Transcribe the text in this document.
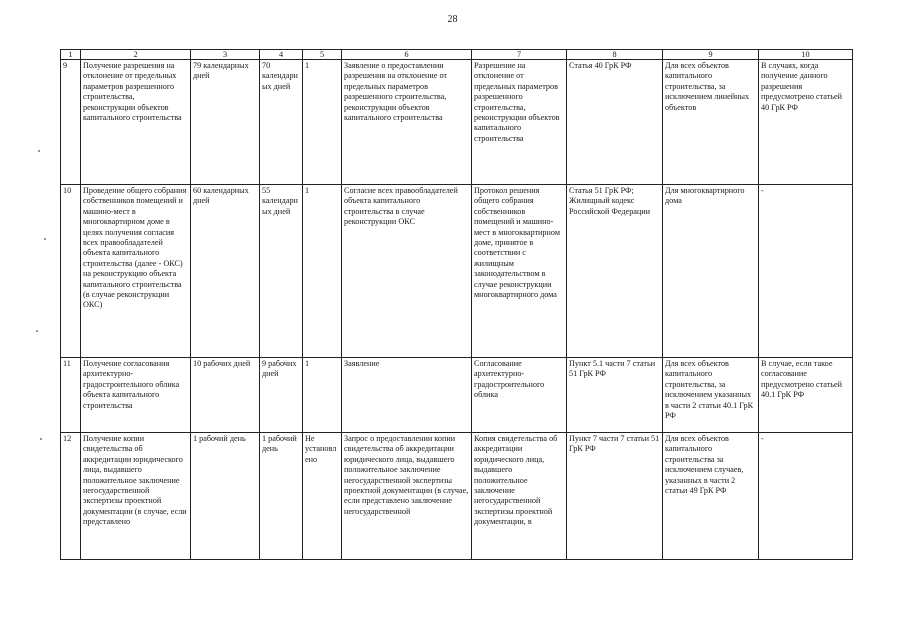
28
1	2	3	4	5	6	7	8	9	10
9	Получение разрешения на отклонение от предельных параметров разрешенного строительства, реконструкции объектов капитального строительства	79 календарных дней	70 календарных дней	1	Заявление о предоставлении разрешения на отклонение от предельных параметров разрешенного строительства, реконструкции объектов капитального строительства	Разрешение на отклонение от предельных параметров разрешенного строительства, реконструкции объектов капитального строительства	Статья 40 ГрК РФ	Для всех объектов капитального строительства, за исключением линейных объектов	В случаях, когда получение данного разрешения предусмотрено статьей 40 ГрК РФ
10	Проведение общего собрания собственников помещений и машино-мест в многоквартирном доме в целях получения согласия всех правообладателей объекта капитального строительства (далее - ОКС) на реконструкцию объекта капитального строительства (в случае реконструкции ОКС)	60 календарных дней	55 календарных дней	1	Согласие всех правообладателей объекта капитального строительства в случае реконструкции ОКС	Протокол решения общего собрания собственников помещений и машино-мест в многоквартирном доме, принятое в соответствии с жилищным законодательством в случае реконструкции многоквартирного дома	Статья 51 ГрК РФ; Жилищный кодекс Российской Федерации	Для многоквартирного дома	-
11	Получение согласования архитектурно-градостроительного облика объекта капитального строительства	10 рабочих дней	9 рабочих дней	1	Заявление	Согласование архитектурно-градостроительного облика	Пункт 5.1 части 7 статьи 51 ГрК РФ	Для всех объектов капитального строительства, за исключением указанных в части 2 статьи 40.1 ГрК РФ	В случае, если такое согласование предусмотрено статьей 40.1 ГрК РФ
12	Получение копии свидетельства об аккредитации юридического лица, выдавшего положительное заключение негосударственной экспертизы проектной документации (в случае, если представлено	1 рабочий день	1 рабочий день	Не установлено	Запрос о предоставлении копии свидетельства об аккредитации юридического лица, выдавшего положительное заключение негосударственной экспертизы проектной документации (в случае, если представлено заключение негосударственной	Копия свидетельства об аккредитации юридического лица, выдавшего положительное заключение негосударственной экспертизы проектной документации, в	Пункт 7 части 7 статьи 51 ГрК РФ	Для всех объектов капитального строительства за исключением случаев, указанных в части 2 статьи 49 ГрК РФ	-
